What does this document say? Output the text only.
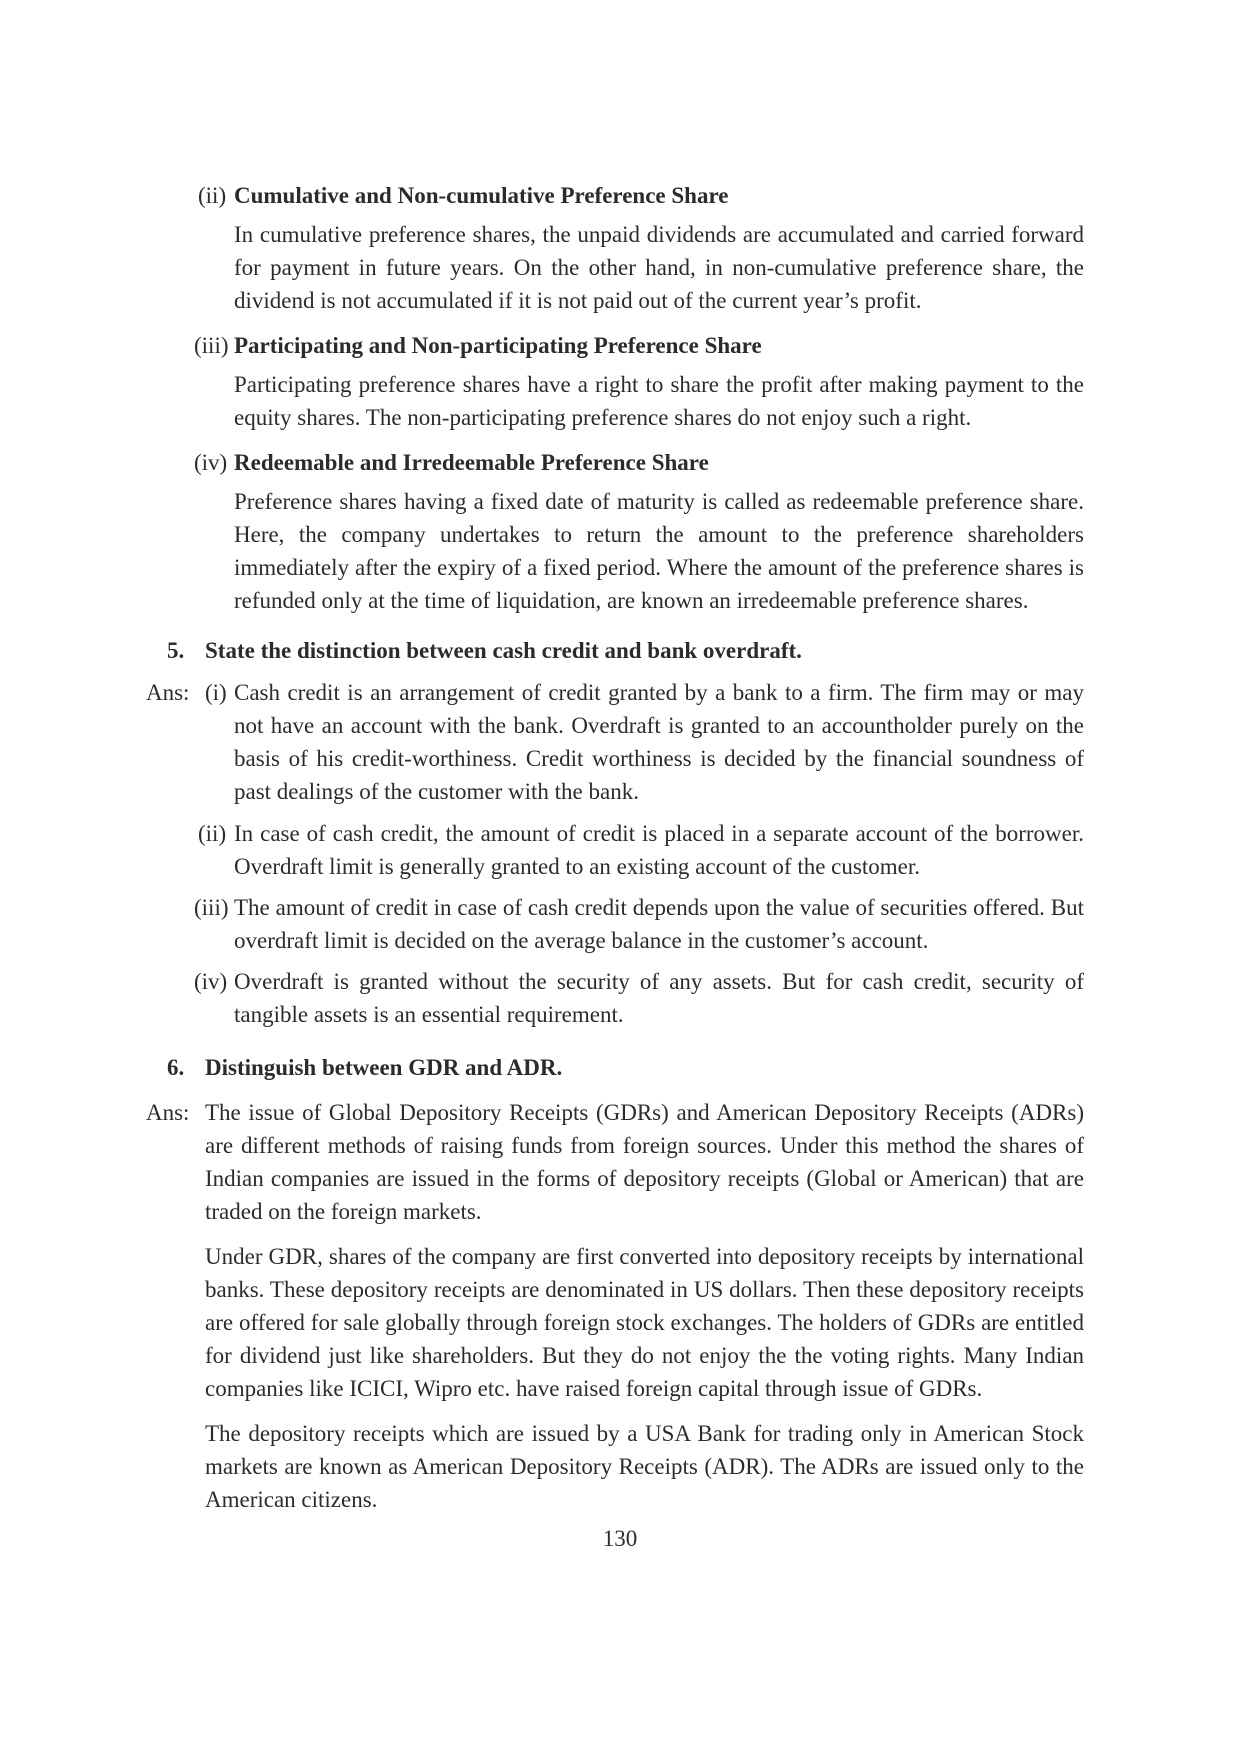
(ii) Cumulative and Non-cumulative Preference Share
In cumulative preference shares, the unpaid dividends are accumulated and carried forward for payment in future years. On the other hand, in non-cumulative preference share, the dividend is not accumulated if it is not paid out of the current year’s profit.
(iii) Participating and Non-participating Preference Share
Participating preference shares have a right to share the profit after making payment to the equity shares. The non-participating preference shares do not enjoy such a right.
(iv) Redeemable and Irredeemable Preference Share
Preference shares having a fixed date of maturity is called as redeemable preference share. Here, the company undertakes to return the amount to the preference shareholders immediately after the expiry of a fixed period. Where the amount of the preference shares is refunded only at the time of liquidation, are known an irredeemable preference shares.
5. State the distinction between cash credit and bank overdraft.
Ans: (i) Cash credit is an arrangement of credit granted by a bank to a firm. The firm may or may not have an account with the bank. Overdraft is granted to an accountholder purely on the basis of his credit-worthiness. Credit worthiness is decided by the financial soundness of past dealings of the customer with the bank.
(ii) In case of cash credit, the amount of credit is placed in a separate account of the borrower. Overdraft limit is generally granted to an existing account of the customer.
(iii) The amount of credit in case of cash credit depends upon the value of securities offered. But overdraft limit is decided on the average balance in the customer’s account.
(iv) Overdraft is granted without the security of any assets. But for cash credit, security of tangible assets is an essential requirement.
6. Distinguish between GDR and ADR.
Ans: The issue of Global Depository Receipts (GDRs) and American Depository Receipts (ADRs) are different methods of raising funds from foreign sources. Under this method the shares of Indian companies are issued in the forms of depository receipts (Global or American) that are traded on the foreign markets.
Under GDR, shares of the company are first converted into depository receipts by international banks. These depository receipts are denominated in US dollars. Then these depository receipts are offered for sale globally through foreign stock exchanges. The holders of GDRs are entitled for dividend just like shareholders. But they do not enjoy the the voting rights. Many Indian companies like ICICI, Wipro etc. have raised foreign capital through issue of GDRs.
The depository receipts which are issued by a USA Bank for trading only in American Stock markets are known as American Depository Receipts (ADR). The ADRs are issued only to the American citizens.
130
